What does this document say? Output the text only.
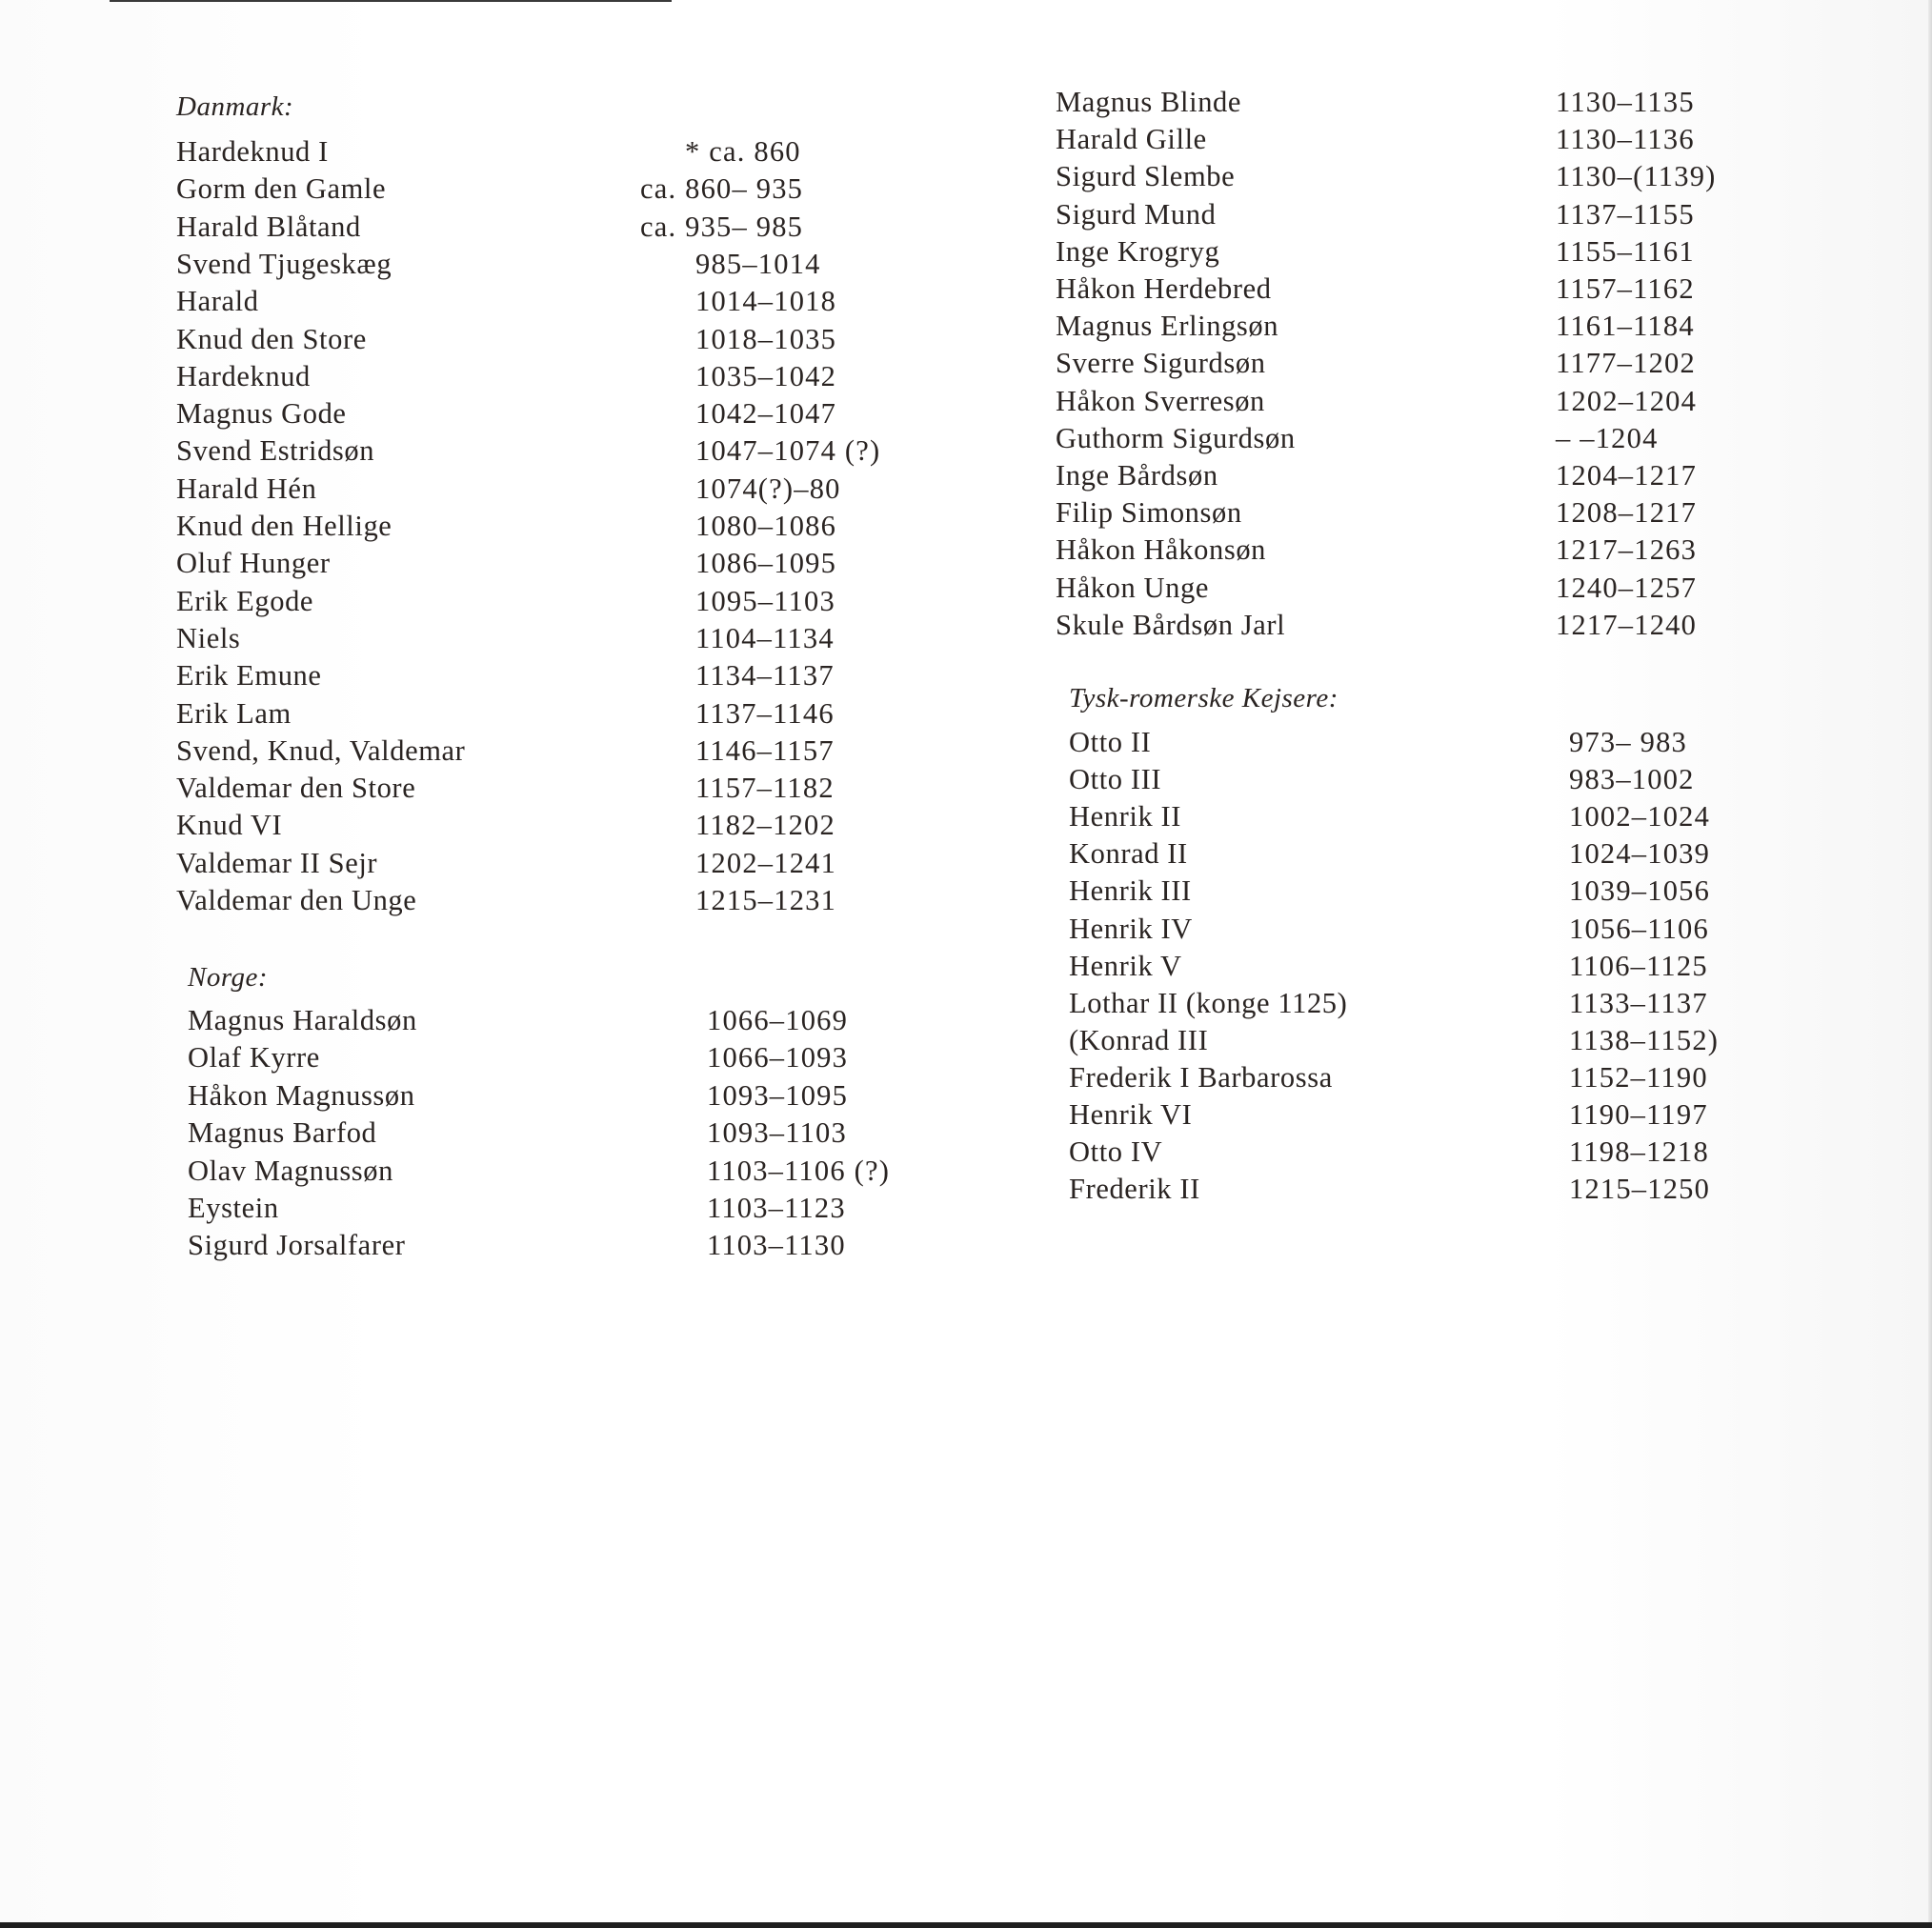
Danmark:
Hardeknud I	* ca. 860
Gorm den Gamle	ca. 860– 935
Harald Blåtand	ca. 935– 985
Svend Tjugeskæg	985–1014
Harald	1014–1018
Knud den Store	1018–1035
Hardeknud	1035–1042
Magnus Gode	1042–1047
Svend Estridsøn	1047–1074 (?)
Harald Hén	1074(?)–80
Knud den Hellige	1080–1086
Oluf Hunger	1086–1095
Erik Egode	1095–1103
Niels	1104–1134
Erik Emune	1134–1137
Erik Lam	1137–1146
Svend, Knud, Valdemar	1146–1157
Valdemar den Store	1157–1182
Knud VI	1182–1202
Valdemar II Sejr	1202–1241
Valdemar den Unge	1215–1231
Norge:
Magnus Haraldsøn	1066–1069
Olaf Kyrre	1066–1093
Håkon Magnussøn	1093–1095
Magnus Barfod	1093–1103
Olav Magnussøn	1103–1106 (?)
Eystein	1103–1123
Sigurd Jorsalfarer	1103–1130
Magnus Blinde	1130–1135
Harald Gille	1130–1136
Sigurd Slembe	1130–(1139)
Sigurd Mund	1137–1155
Inge Krogryg	1155–1161
Håkon Herdebred	1157–1162
Magnus Erlingsøn	1161–1184
Sverre Sigurdsøn	1177–1202
Håkon Sverresøn	1202–1204
Guthorm Sigurdsøn	– –1204
Inge Bårdsøn	1204–1217
Filip Simonsøn	1208–1217
Håkon Håkonsøn	1217–1263
Håkon Unge	1240–1257
Skule Bårdsøn Jarl	1217–1240
Tysk-romerske Kejsere:
Otto II	973– 983
Otto III	983–1002
Henrik II	1002–1024
Konrad II	1024–1039
Henrik III	1039–1056
Henrik IV	1056–1106
Henrik V	1106–1125
Lothar II (konge 1125)	1133–1137
(Konrad III	1138–1152)
Frederik I Barbarossa	1152–1190
Henrik VI	1190–1197
Otto IV	1198–1218
Frederik II	1215–1250
